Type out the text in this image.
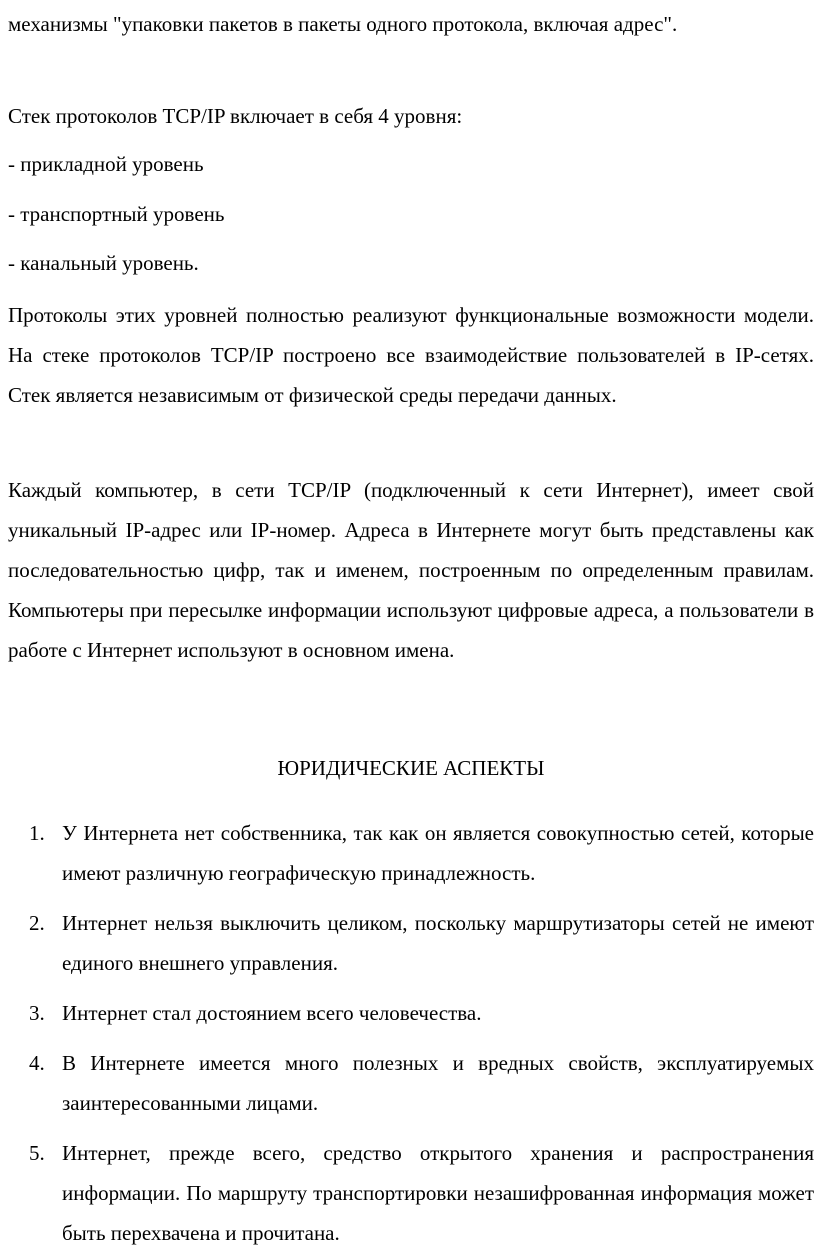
механизмы "упаковки пакетов в пакеты одного протокола, включая адрес".

Стек протоколов TCP/IP включает в себя 4 уровня:

- прикладной уровень

- транспортный уровень

- канальный уровень.

Протоколы этих уровней полностью реализуют функциональные возможности модели. На стеке протоколов TCP/IP построено все взаимодействие пользователей в IP-сетях. Стек является независимым от физической среды передачи данных.

Каждый компьютер, в сети TCP/IP (подключенный к сети Интернет), имеет свой уникальный IP-адрес или IP-номер. Адреса в Интернете могут быть представлены как последовательностью цифр, так и именем, построенным по определенным правилам. Компьютеры при пересылке информации используют цифровые адреса, а пользователи в работе с Интернет используют в основном имена.

ЮРИДИЧЕСКИЕ АСПЕКТЫ
1. У Интернета нет собственника, так как он является совокупностью сетей, которые имеют различную географическую принадлежность.
2. Интернет нельзя выключить целиком, поскольку маршрутизаторы сетей не имеют единого внешнего управления.
3. Интернет стал достоянием всего человечества.
4. В Интернете имеется много полезных и вредных свойств, эксплуатируемых заинтересованными лицами.
5. Интернет, прежде всего, средство открытого хранения и распространения информации. По маршруту транспортировки незашифрованная информация может быть перехвачена и прочитана.
